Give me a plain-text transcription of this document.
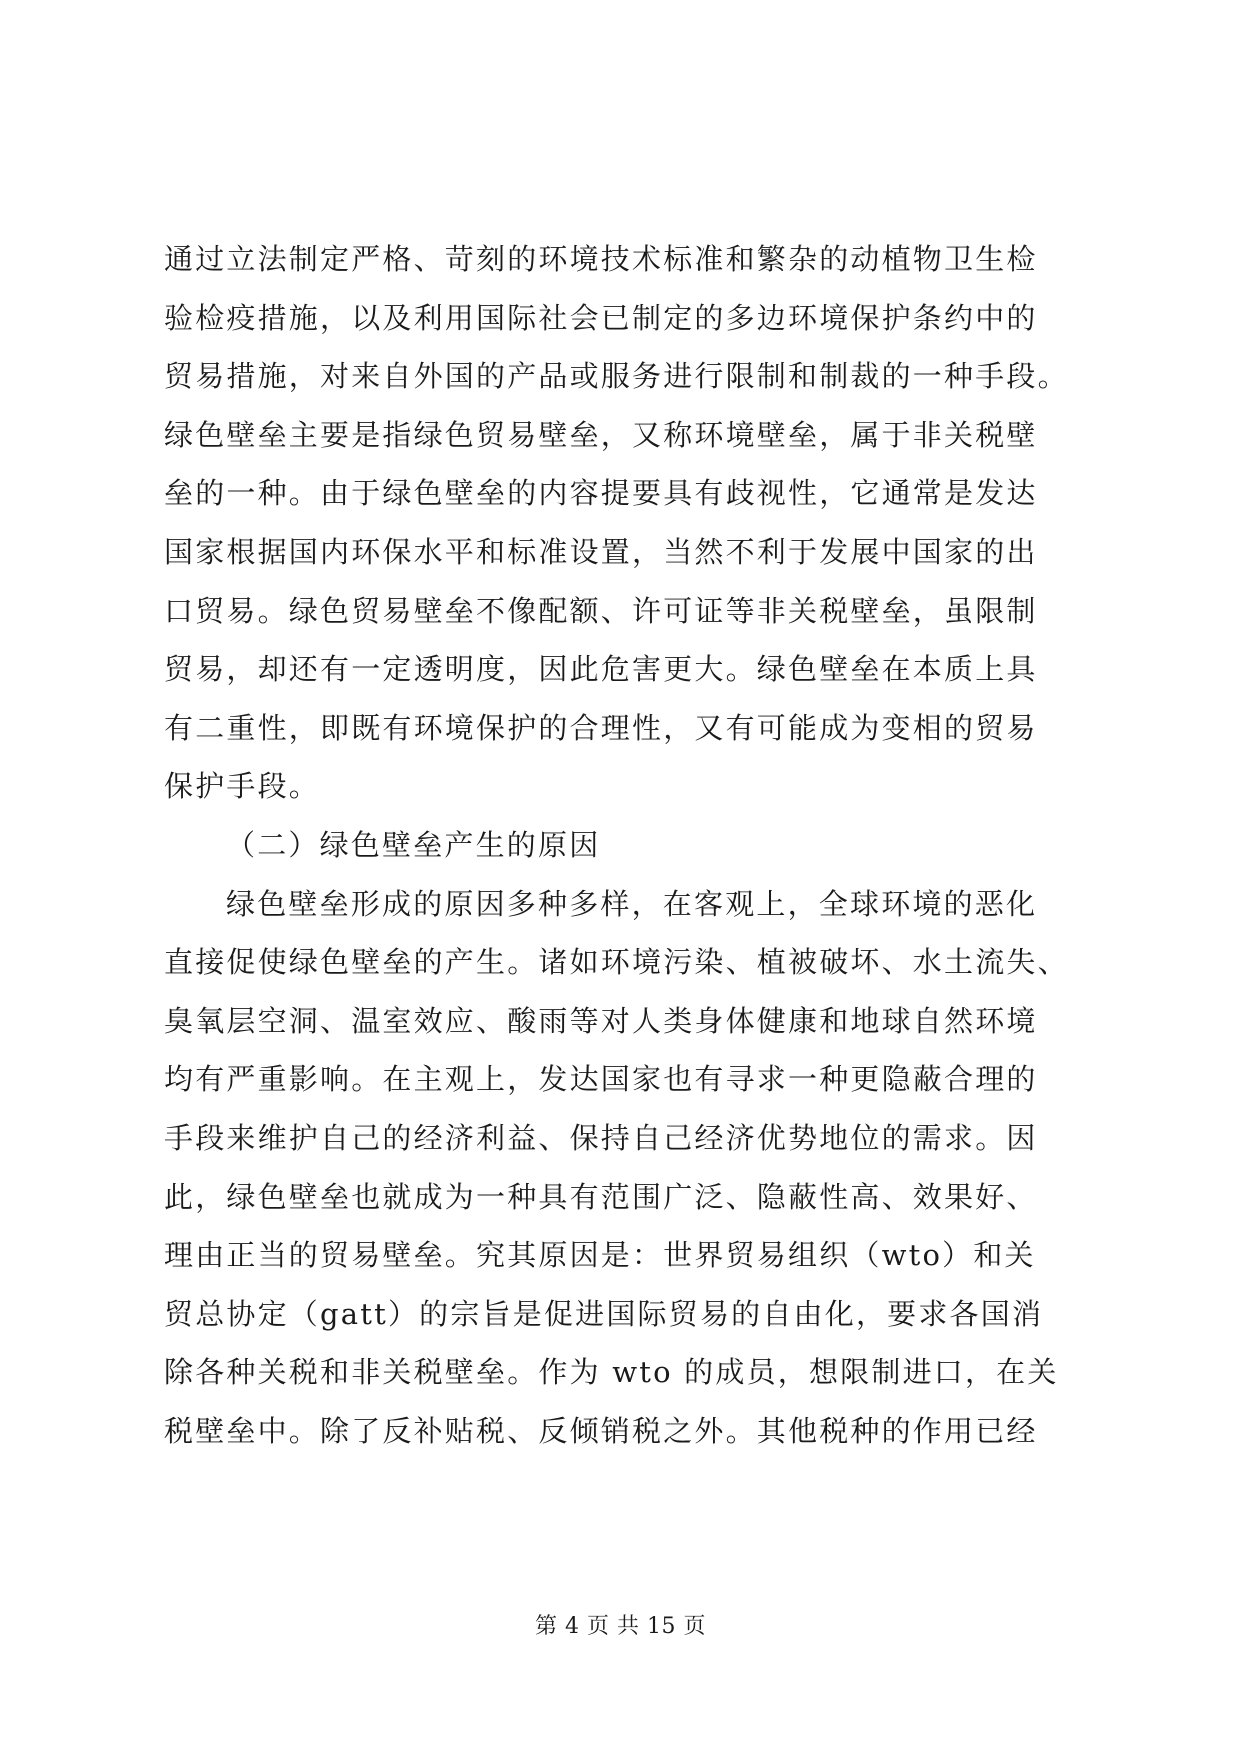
通过立法制定严格、苛刻的环境技术标准和繁杂的动植物卫生检
验检疫措施，以及利用国际社会已制定的多边环境保护条约中的
贸易措施，对来自外国的产品或服务进行限制和制裁的一种手段。
绿色壁垒主要是指绿色贸易壁垒，又称环境壁垒，属于非关税壁
垒的一种。由于绿色壁垒的内容提要具有歧视性，它通常是发达
国家根据国内环保水平和标准设置，当然不利于发展中国家的出
口贸易。绿色贸易壁垒不像配额、许可证等非关税壁垒，虽限制
贸易，却还有一定透明度，因此危害更大。绿色壁垒在本质上具
有二重性，即既有环境保护的合理性，又有可能成为变相的贸易
保护手段。
（二）绿色壁垒产生的原因
绿色壁垒形成的原因多种多样，在客观上，全球环境的恶化
直接促使绿色壁垒的产生。诸如环境污染、植被破坏、水土流失、
臭氧层空洞、温室效应、酸雨等对人类身体健康和地球自然环境
均有严重影响。在主观上，发达国家也有寻求一种更隐蔽合理的
手段来维护自己的经济利益、保持自己经济优势地位的需求。因
此，绿色壁垒也就成为一种具有范围广泛、隐蔽性高、效果好、
理由正当的贸易壁垒。究其原因是：世界贸易组织（wto）和关
贸总协定（gatt）的宗旨是促进国际贸易的自由化，要求各国消
除各种关税和非关税壁垒。作为 wto 的成员，想限制进口，在关
税壁垒中。除了反补贴税、反倾销税之外。其他税种的作用已经
第 4 页 共 15 页
